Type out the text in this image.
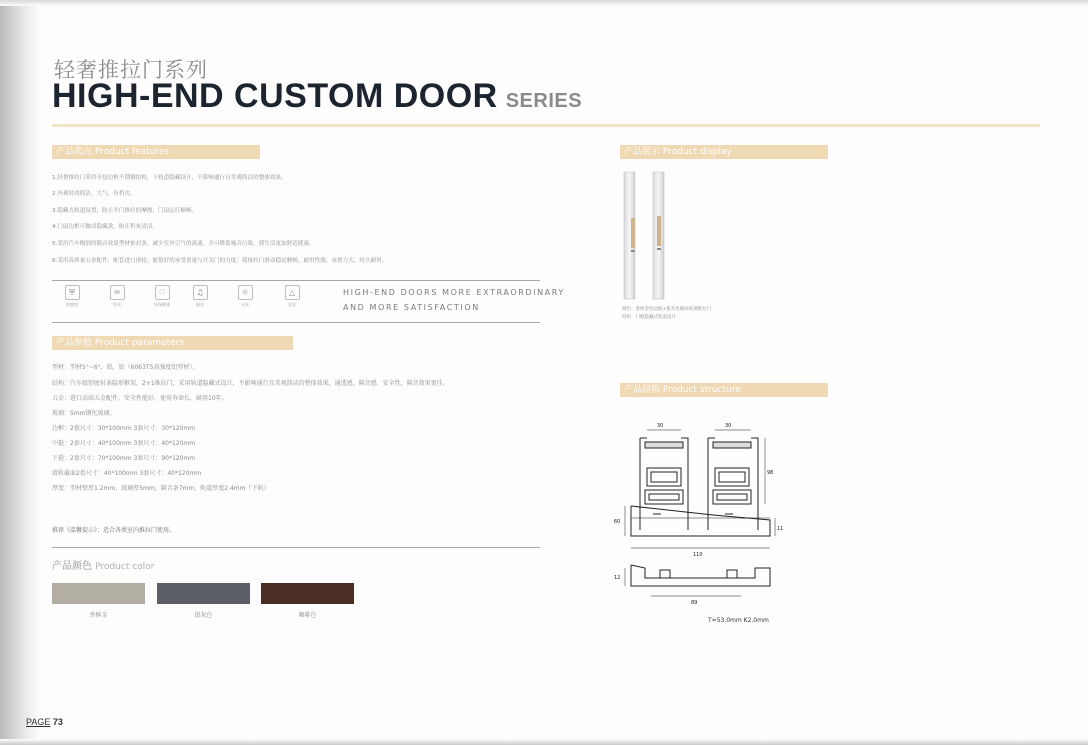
轻奢推拉门系列
HIGH-END CUSTOM DOOR SERIES
产品卖点 Product features
1.轻奢推拉门采用全包边框不锈钢结构，下轨道隐藏设计，不影响通行且美观简洁的整体效果。
2.外观时尚简洁，大气，有档次。
3.隐藏式轨道设置，防止开门推拉的摩擦，门扇运行顺畅。
4.门扇边框可做成隐藏款，防止积灰清洁。
5.采用汽车级别的隔音效果型材密封条，减少室外空气的流通，并可降低噪音污染，使生活更加舒适健康。
6.采用高质量五金配件，配套进口滑轮，能很好的承受重量与开关门的力度，使推拉门滑动稳定顺畅，耐用性强，承重力大，经久耐用。
⛨
防腐蚀
♒
防水
♡
环保健康
♫
隔音
☼
采光
△
安全
HIGH-END DOORS MORE EXTRAORDINARY
AND MORE SATISFACTION
产品参数 Product parameters
型材：型材5°~6°，铝，铝（6063T5高强度铝型材）。
结构：汽车级别密封条隐形框架，2+1推拉门，采用轨道隐藏式设计，不影响通行且美观简洁的整体效果，通透感，隔音感，安全性，隔音效果更佳。
五金：进口高端五金配件，安全性能好，使用寿命长，耐用10年。
玻璃：5mm钢化玻璃。
边框：2套尺寸：30*100mm 3套尺寸：30*120mm
中挺：2套尺寸：40*100mm 3套尺寸：40*120mm
下挺：2套尺寸：70*100mm 3套尺寸：90*120mm
滑轨截面2套尺寸：40*100mm 3套尺寸：40*120mm
厚度：型材壁厚1.2mm，玻璃厚5mm，隔音条7mm，轨道厚度2.4mm（下轨）
推荐《温馨提示》：适合各类室内推拉门使用。
产品颜色 Product color
香槟金	银灰色	咖啡色
产品展示 Product display
颜色：香槟金色边框+银灰色磨砂玻璃推拉门
结构：门框隐藏式轨道设计
产品结构 Product structure
30	30
98
60
11
110
12
89
T=53.0mm K2.0mm
PAGE 73
